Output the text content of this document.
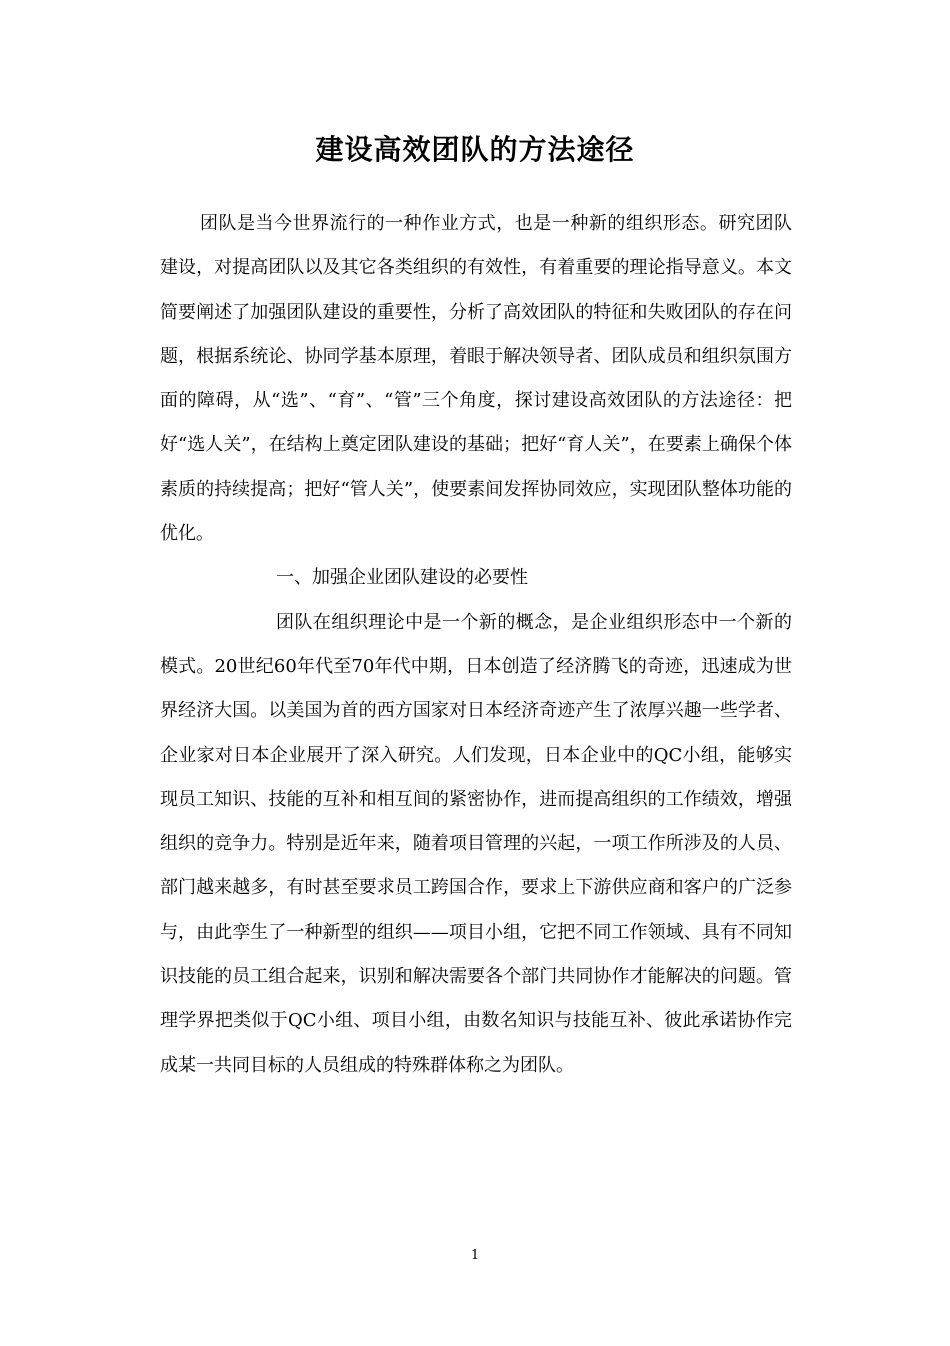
建设高效团队的方法途径

团队是当今世界流行的一种作业方式，也是一种新的组织形态。研究团队建设，对提高团队以及其它各类组织的有效性，有着重要的理论指导意义。本文简要阐述了加强团队建设的重要性，分析了高效团队的特征和失败团队的存在问题，根据系统论、协同学基本原理，着眼于解决领导者、团队成员和组织氛围方面的障碍，从“选”、“育”、“管”三个角度，探讨建设高效团队的方法途径：把好“选人关”，在结构上奠定团队建设的基础；把好“育人关”，在要素上确保个体素质的持续提高；把好“管人关”，使要素间发挥协同效应，实现团队整体功能的优化。

一、加强企业团队建设的必要性

团队在组织理论中是一个新的概念，是企业组织形态中一个新的模式。20世纪60年代至70年代中期，日本创造了经济腾飞的奇迹，迅速成为世界经济大国。以美国为首的西方国家对日本经济奇迹产生了浓厚兴趣一些学者、企业家对日本企业展开了深入研究。人们发现，日本企业中的QC小组，能够实现员工知识、技能的互补和相互间的紧密协作，进而提高组织的工作绩效，增强组织的竞争力。特别是近年来，随着项目管理的兴起，一项工作所涉及的人员、部门越来越多，有时甚至要求员工跨国合作，要求上下游供应商和客户的广泛参与，由此孪生了一种新型的组织——项目小组，它把不同工作领域、具有不同知识技能的员工组合起来，识别和解决需要各个部门共同协作才能解决的问题。管理学界把类似于QC小组、项目小组，由数名知识与技能互补、彼此承诺协作完成某一共同目标的人员组成的特殊群体称之为团队。

1
